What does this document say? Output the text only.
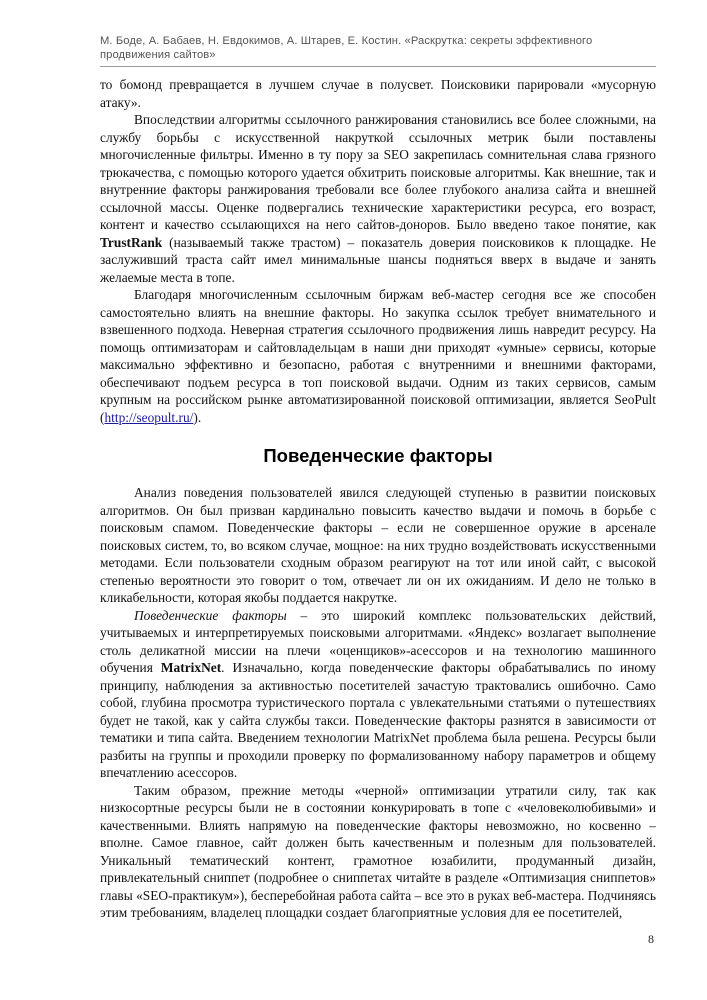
М. Боде, А. Бабаев, Н. Евдокимов, А. Штарев, Е. Костин. «Раскрутка: секреты эффективного продвижения сайтов»

то бомонд превращается в лучшем случае в полусвет. Поисковики парировали «мусорную атаку».

Впоследствии алгоритмы ссылочного ранжирования становились все более сложными, на службу борьбы с искусственной накруткой ссылочных метрик были поставлены многочисленные фильтры. Именно в ту пору за SEO закрепилась сомнительная слава грязного трюкачества, с помощью которого удается обхитрить поисковые алгоритмы. Как внешние, так и внутренние факторы ранжирования требовали все более глубокого анализа сайта и внешней ссылочной массы. Оценке подвергались технические характеристики ресурса, его возраст, контент и качество ссылающихся на него сайтов-доноров. Было введено такое понятие, как TrustRank (называемый также трастом) – показатель доверия поисковиков к площадке. Не заслуживший траста сайт имел минимальные шансы подняться вверх в выдаче и занять желаемые места в топе.

Благодаря многочисленным ссылочным биржам веб-мастер сегодня все же способен самостоятельно влиять на внешние факторы. Но закупка ссылок требует внимательного и взвешенного подхода. Неверная стратегия ссылочного продвижения лишь навредит ресурсу. На помощь оптимизаторам и сайтовладельцам в наши дни приходят «умные» сервисы, которые максимально эффективно и безопасно, работая с внутренними и внешними факторами, обеспечивают подъем ресурса в топ поисковой выдачи. Одним из таких сервисов, самым крупным на российском рынке автоматизированной поисковой оптимизации, является SeoPult (http://seopult.ru/).

Поведенческие факторы

Анализ поведения пользователей явился следующей ступенью в развитии поисковых алгоритмов. Он был призван кардинально повысить качество выдачи и помочь в борьбе с поисковым спамом. Поведенческие факторы – если не совершенное оружие в арсенале поисковых систем, то, во всяком случае, мощное: на них трудно воздействовать искусственными методами. Если пользователи сходным образом реагируют на тот или иной сайт, с высокой степенью вероятности это говорит о том, отвечает ли он их ожиданиям. И дело не только в кликабельности, которая якобы поддается накрутке.

Поведенческие факторы – это широкий комплекс пользовательских действий, учитываемых и интерпретируемых поисковыми алгоритмами. «Яндекс» возлагает выполнение столь деликатной миссии на плечи «оценщиков»-асессоров и на технологию машинного обучения MatrixNet. Изначально, когда поведенческие факторы обрабатывались по иному принципу, наблюдения за активностью посетителей зачастую трактовались ошибочно. Само собой, глубина просмотра туристического портала с увлекательными статьями о путешествиях будет не такой, как у сайта службы такси. Поведенческие факторы разнятся в зависимости от тематики и типа сайта. Введением технологии MatrixNet проблема была решена. Ресурсы были разбиты на группы и проходили проверку по формализованному набору параметров и общему впечатлению асессоров.

Таким образом, прежние методы «черной» оптимизации утратили силу, так как низкосортные ресурсы были не в состоянии конкурировать в топе с «человеколюбивыми» и качественными. Влиять напрямую на поведенческие факторы невозможно, но косвенно – вполне. Самое главное, сайт должен быть качественным и полезным для пользователей. Уникальный тематический контент, грамотное юзабилити, продуманный дизайн, привлекательный сниппет (подробнее о сниппетах читайте в разделе «Оптимизация сниппетов» главы «SEO-практикум»), бесперебойная работа сайта – все это в руках веб-мастера. Подчиняясь этим требованиям, владелец площадки создает благоприятные условия для ее посетителей,

8
